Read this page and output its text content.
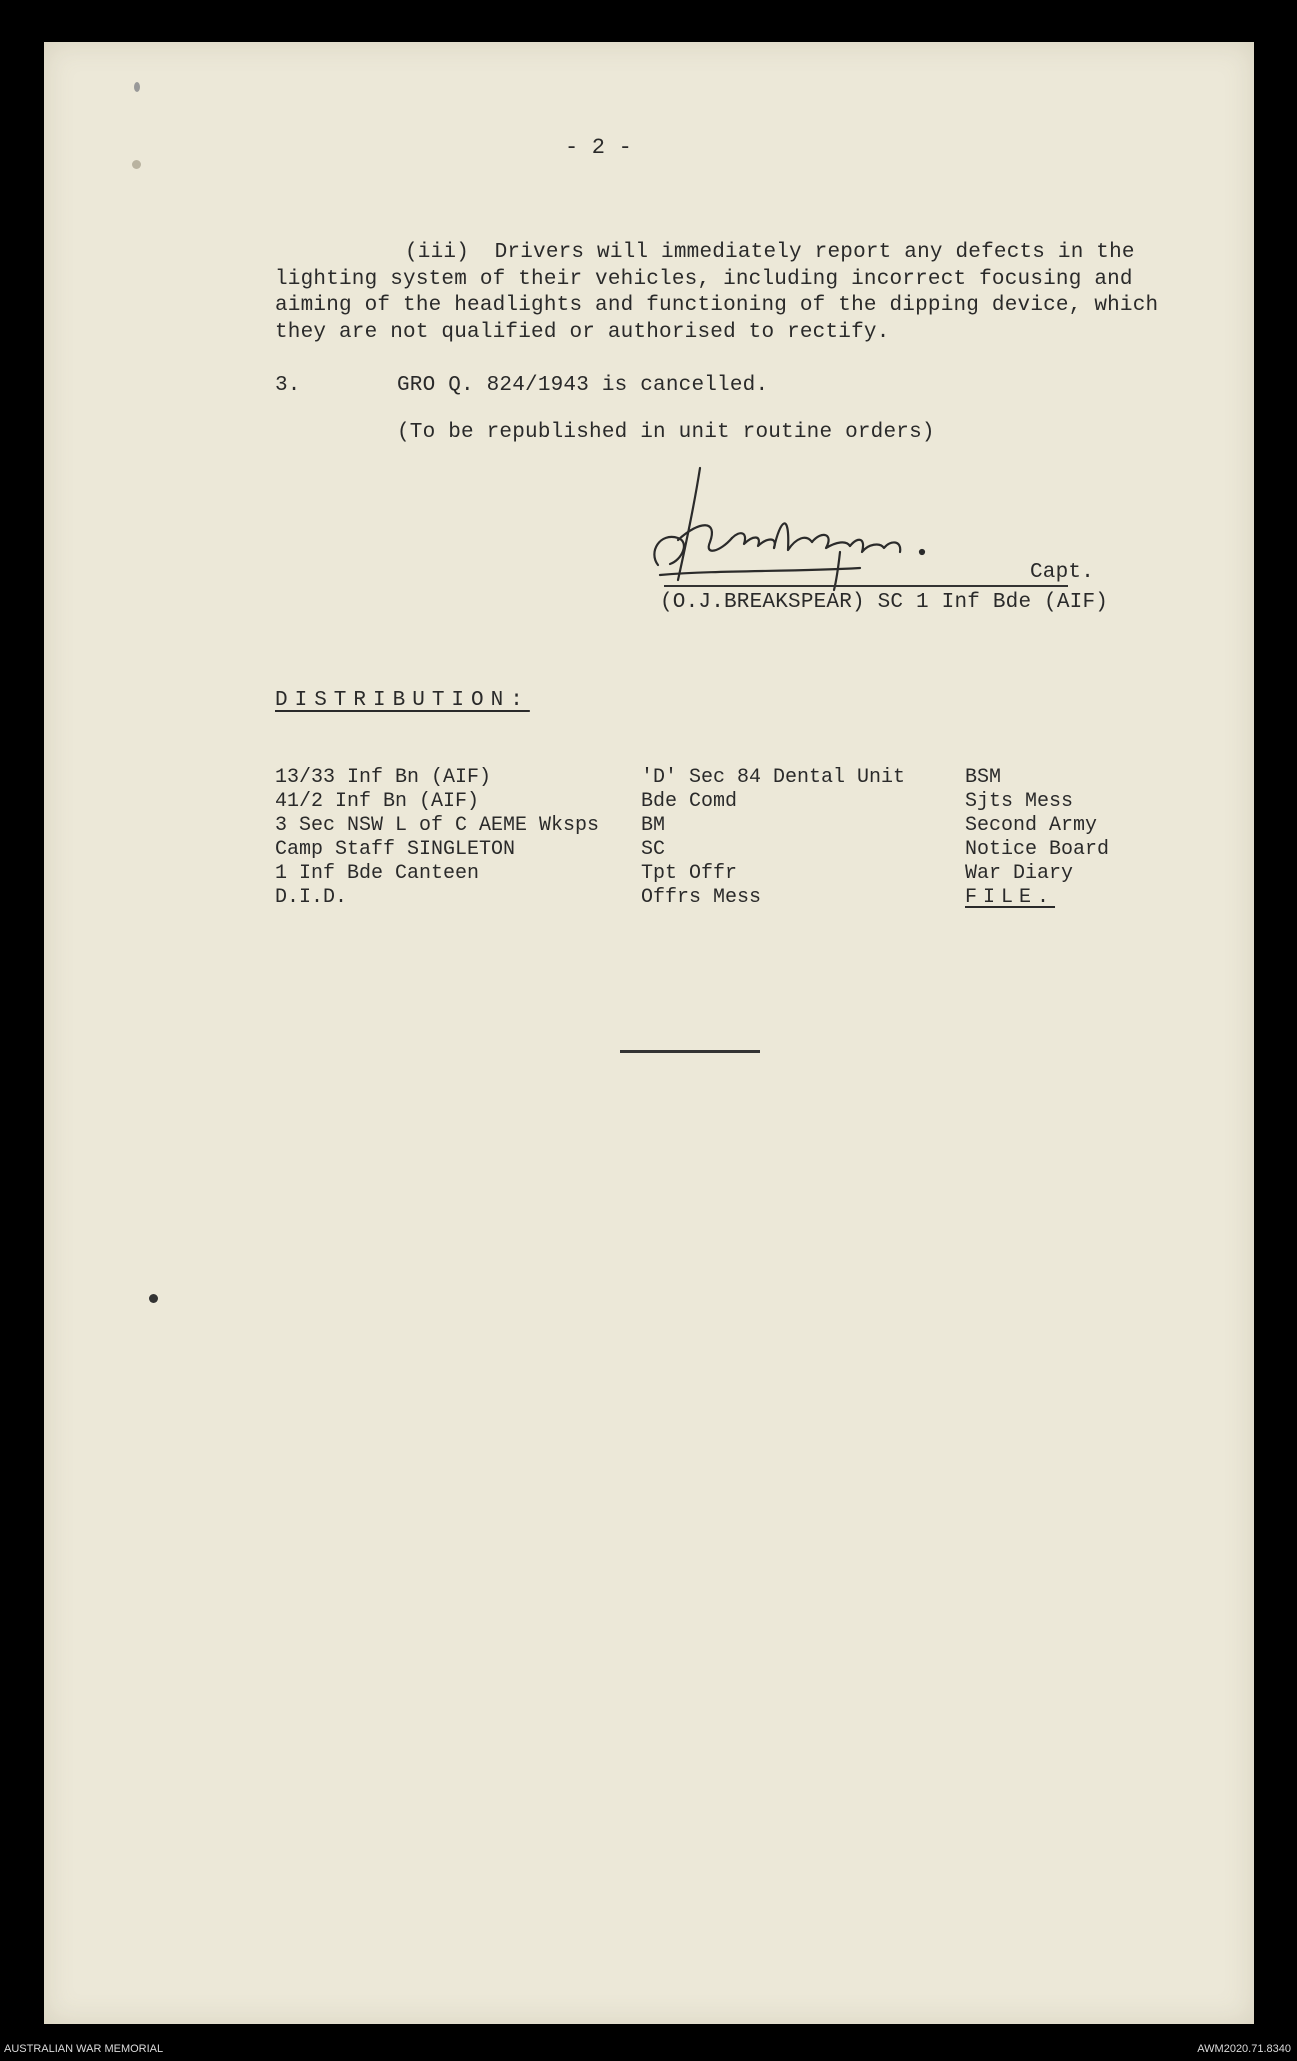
- 2 -
(iii)  Drivers will immediately report any defects in the
lighting system of their vehicles, including incorrect focusing and
aiming of the headlights and functioning of the dipping device, which
they are not qualified or authorised to rectify.
3.	GRO Q. 824/1943 is cancelled.
(To be republished in unit routine orders)
Capt.
(O.J.BREAKSPEAR) SC 1 Inf Bde (AIF)
DISTRIBUTION:
13/33 Inf Bn (AIF)
41/2 Inf Bn (AIF)
3 Sec NSW L of C AEME Wksps
Camp Staff SINGLETON
1 Inf Bde Canteen
D.I.D.
'D' Sec 84 Dental Unit
Bde Comd
BM
SC
Tpt Offr
Offrs Mess
BSM
Sjts Mess
Second Army
Notice Board
War Diary
FILE.
AUSTRALIAN WAR MEMORIAL	AWM2020.71.8340
